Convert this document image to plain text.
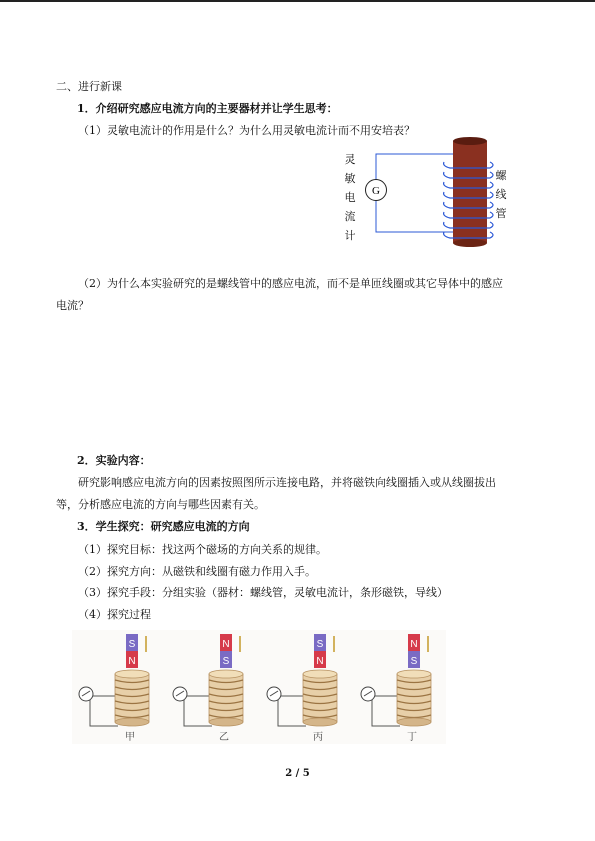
二、进行新课
1．介绍研究感应电流方向的主要器材并让学生思考：
（1）灵敏电流计的作用是什么？为什么用灵敏电流计而不用安培表？
灵
敏
电
流
计
螺
线
管
G
（2）为什么本实验研究的是螺线管中的感应电流，而不是单匝线圈或其它导体中的感应
电流？
2．实验内容：
研究影响感应电流方向的因素按照图所示连接电路，并将磁铁向线圈插入或从线圈拔出
等，分析感应电流的方向与哪些因素有关。
3．学生探究：研究感应电流的方向
（1）探究目标：找这两个磁场的方向关系的规律。
（2）探究方向：从磁铁和线圈有磁力作用入手。
（3）探究手段：分组实验（器材：螺线管，灵敏电流计，条形磁铁，导线）
（4）探究过程
S
N
甲
N
S
乙
S
N
丙
N
S
丁
2 / 5
